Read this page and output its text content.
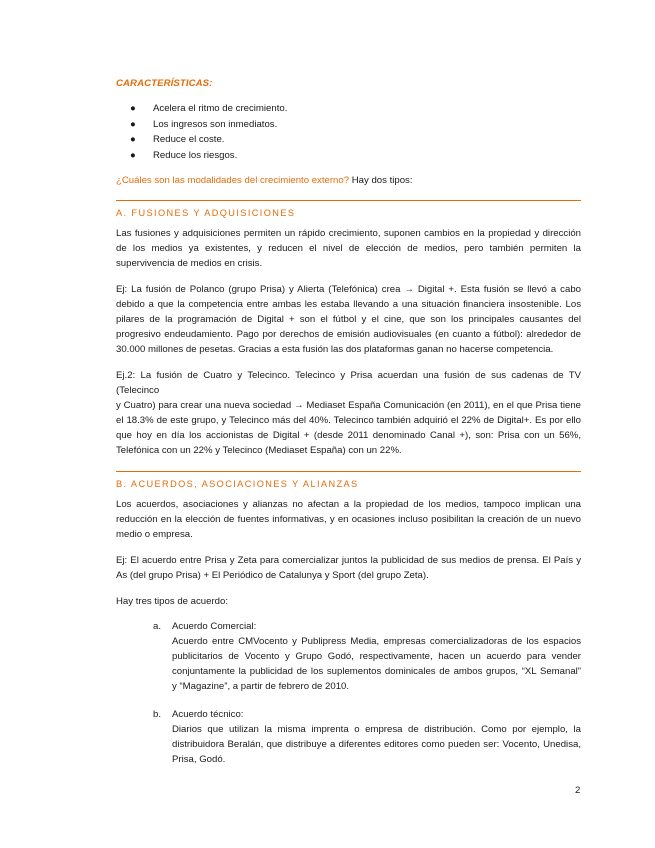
CARACTERÍSTICAS:

● Acelera el ritmo de crecimiento.
● Los ingresos son inmediatos.
● Reduce el coste.
● Reduce los riesgos.

¿Cuáles son las modalidades del crecimiento externo? Hay dos tipos:

A. FUSIONES Y ADQUISICIONES

Las fusiones y adquisiciones permiten un rápido crecimiento, suponen cambios en la propiedad y dirección

de los medios ya existentes, y reducen el nivel de elección de medios, pero también permiten la

supervivencia de medios en crisis.

Ej: La fusión de Polanco (grupo Prisa) y Alierta (Telefónica) crea → Digital +. Esta fusión se llevó a cabo

debido a que la competencia entre ambas les estaba llevando a una situación financiera insostenible. Los

pilares de la programación de Digital + son el fútbol y el cine, que son los principales causantes del

progresivo endeudamiento. Pago por derechos de emisión audiovisuales (en cuanto a fútbol): alrededor de

30.000 millones de pesetas. Gracias a esta fusión las dos plataformas ganan no hacerse competencia.

Ej.2: La fusión de Cuatro y Telecinco. Telecinco y Prisa acuerdan una fusión de sus cadenas de TV (Telecinco

y Cuatro) para crear una nueva sociedad → Mediaset España Comunicación (en 2011), en el que Prisa tiene

el 18.3% de este grupo, y Telecinco más del 40%. Telecinco también adquirió el 22% de Digital+. Es por ello

que hoy en día los accionistas de Digital + (desde 2011 denominado Canal +), son: Prisa con un 56%,

Telefónica con un 22% y Telecinco (Mediaset España) con un 22%.

B. ACUERDOS, ASOCIACIONES Y ALIANZAS

Los acuerdos, asociaciones y alianzas no afectan a la propiedad de los medios, tampoco implican una

reducción en la elección de fuentes informativas, y en ocasiones incluso posibilitan la creación de un nuevo

medio o empresa.

Ej: El acuerdo entre Prisa y Zeta para comercializar juntos la publicidad de sus medios de prensa. El País y

As (del grupo Prisa) + El Periódico de Catalunya y Sport (del grupo Zeta).

Hay tres tipos de acuerdo:

a. Acuerdo Comercial:

Acuerdo entre CMVocento y Publipress Media, empresas comercializadoras de los espacios

publicitarios de Vocento y Grupo Godó, respectivamente, hacen un acuerdo para vender

conjuntamente la publicidad de los suplementos dominicales de ambos grupos, “XL Semanal”

y “Magazine”, a partir de febrero de 2010.

b. Acuerdo técnico:

Diarios que utilizan la misma imprenta o empresa de distribución. Como por ejemplo, la

distribuidora Beralán, que distribuye a diferentes editores como pueden ser: Vocento, Unedisa,

Prisa, Godó.

2
